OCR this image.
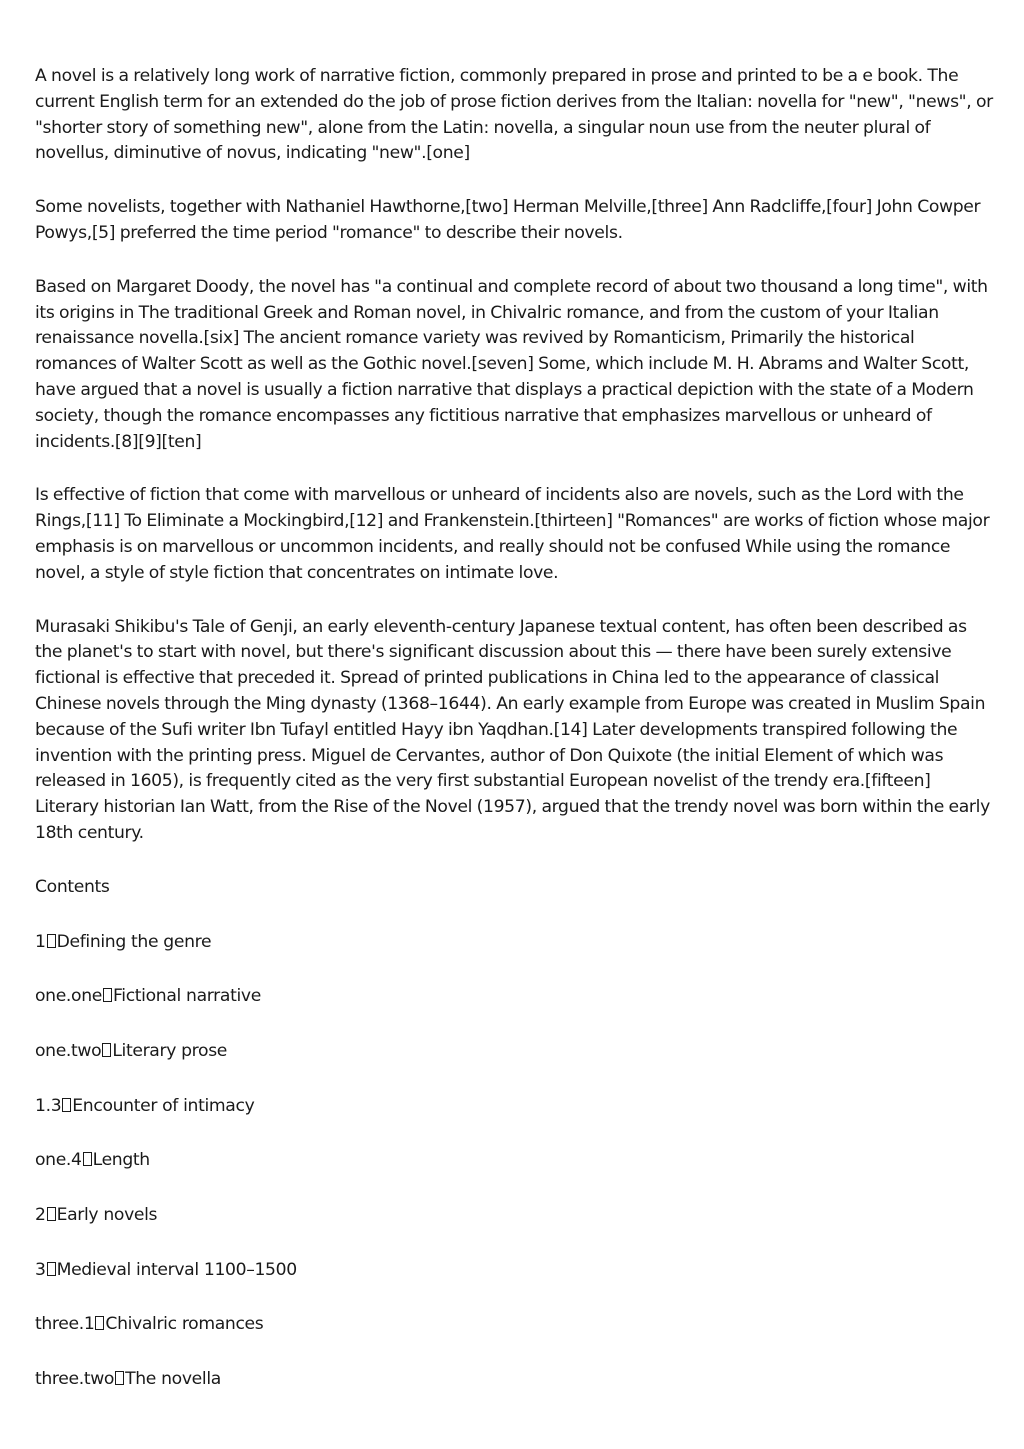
A novel is a relatively long work of narrative fiction, commonly prepared in prose and printed to be a e book. The current English term for an extended do the job of prose fiction derives from the Italian: novella for "new", "news", or "shorter story of something new", alone from the Latin: novella, a singular noun use from the neuter plural of novellus, diminutive of novus, indicating "new".[one]

Some novelists, together with Nathaniel Hawthorne,[two] Herman Melville,[three] Ann Radcliffe,[four] John Cowper Powys,[5] preferred the time period "romance" to describe their novels.

Based on Margaret Doody, the novel has "a continual and complete record of about two thousand a long time", with its origins in The traditional Greek and Roman novel, in Chivalric romance, and from the custom of your Italian renaissance novella.[six] The ancient romance variety was revived by Romanticism, Primarily the historical romances of Walter Scott as well as the Gothic novel.[seven] Some, which include M. H. Abrams and Walter Scott, have argued that a novel is usually a fiction narrative that displays a practical depiction with the state of a Modern society, though the romance encompasses any fictitious narrative that emphasizes marvellous or unheard of incidents.[8][9][ten]

Is effective of fiction that come with marvellous or unheard of incidents also are novels, such as the Lord with the Rings,[11] To Eliminate a Mockingbird,[12] and Frankenstein.[thirteen] "Romances" are works of fiction whose major emphasis is on marvellous or uncommon incidents, and really should not be confused While using the romance novel, a style of style fiction that concentrates on intimate love.

Murasaki Shikibu's Tale of Genji, an early eleventh-century Japanese textual content, has often been described as the planet's to start with novel, but there's significant discussion about this — there have been surely extensive fictional is effective that preceded it. Spread of printed publications in China led to the appearance of classical Chinese novels through the Ming dynasty (1368–1644). An early example from Europe was created in Muslim Spain because of the Sufi writer Ibn Tufayl entitled Hayy ibn Yaqdhan.[14] Later developments transpired following the invention with the printing press. Miguel de Cervantes, author of Don Quixote (the initial Element of which was released in 1605), is frequently cited as the very first substantial European novelist of the trendy era.[fifteen] Literary historian Ian Watt, from the Rise of the Novel (1957), argued that the trendy novel was born within the early 18th century.

Contents
1 Defining the genre
one.one Fictional narrative
one.two Literary prose
1.3 Encounter of intimacy
one.4 Length
2 Early novels
3 Medieval interval 1100–1500
three.1 Chivalric romances
three.two The novella
